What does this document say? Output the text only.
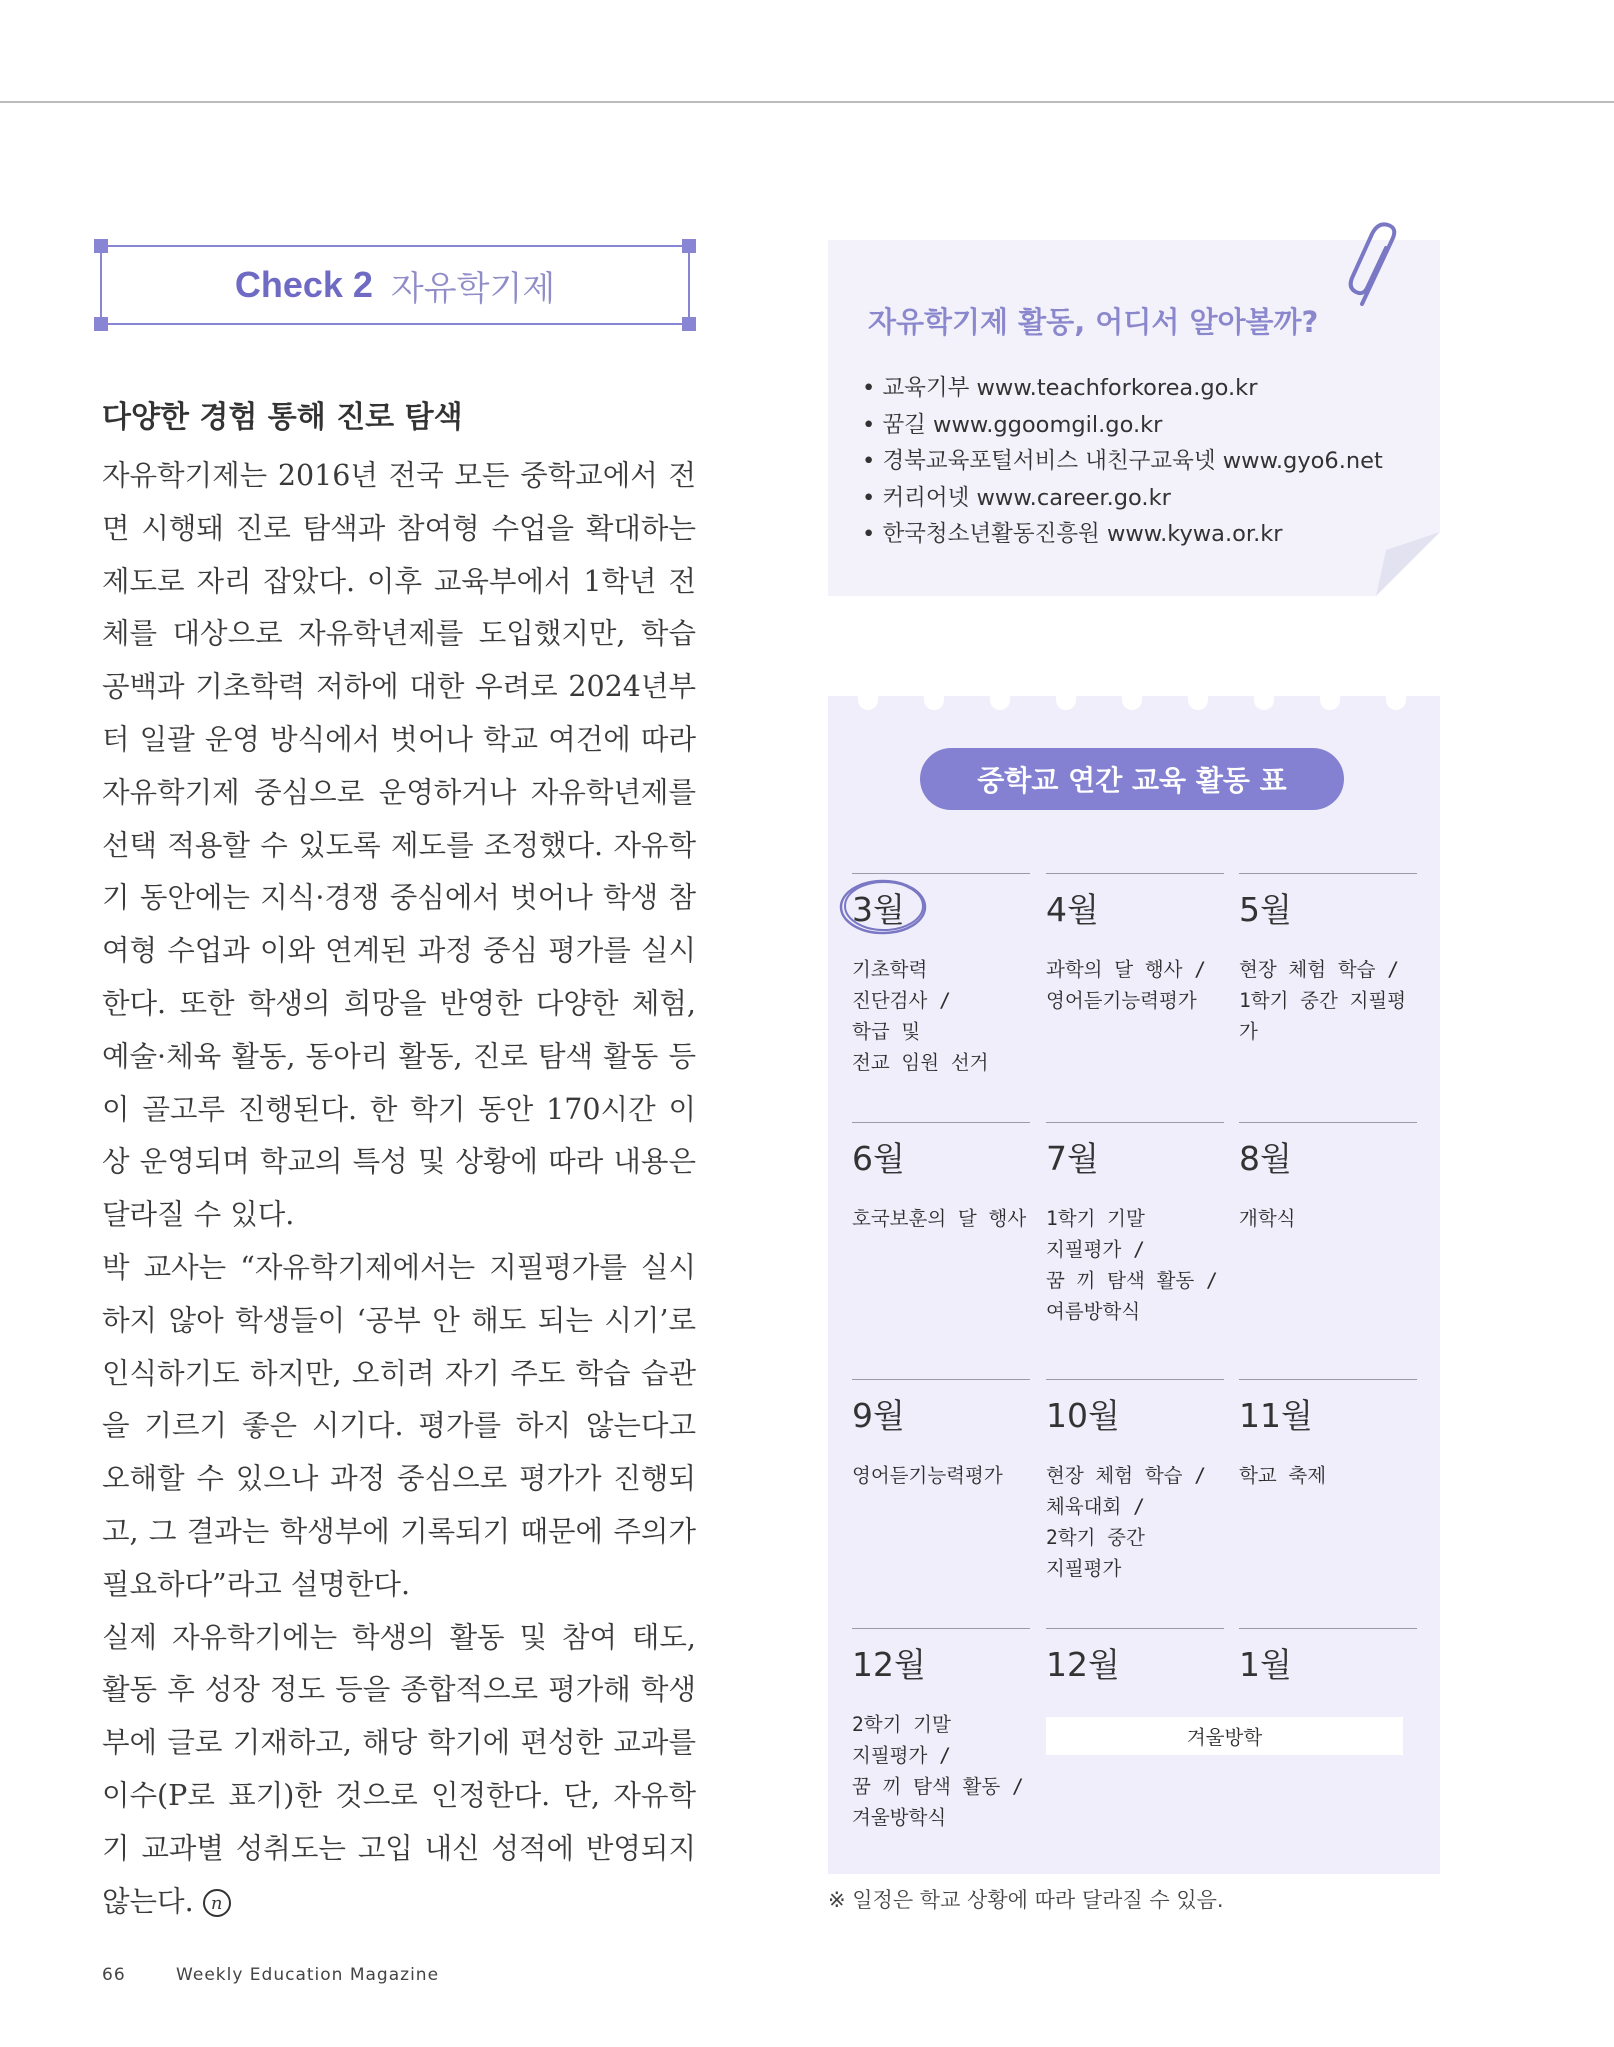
Check 2 자유학기제
다양한 경험 통해 진로 탐색

자유학기제는 2016년 전국 모든 중학교에서 전면 시행돼 진로 탐색과 참여형 수업을 확대하는 제도로 자리 잡았다. 이후 교육부에서 1학년 전체를 대상으로 자유학년제를 도입했지만, 학습 공백과 기초학력 저하에 대한 우려로 2024년부터 일괄 운영 방식에서 벗어나 학교 여건에 따라 자유학기제 중심으로 운영하거나 자유학년제를 선택 적용할 수 있도록 제도를 조정했다. 자유학기 동안에는 지식·경쟁 중심에서 벗어나 학생 참여형 수업과 이와 연계된 과정 중심 평가를 실시한다. 또한 학생의 희망을 반영한 다양한 체험, 예술·체육 활동, 동아리 활동, 진로 탐색 활동 등이 골고루 진행된다. 한 학기 동안 170시간 이상 운영되며 학교의 특성 및 상황에 따라 내용은 달라질 수 있다.

박 교사는 “자유학기제에서는 지필평가를 실시하지 않아 학생들이 ‘공부 안 해도 되는 시기’로 인식하기도 하지만, 오히려 자기 주도 학습 습관을 기르기 좋은 시기다. 평가를 하지 않는다고 오해할 수 있으나 과정 중심으로 평가가 진행되고, 그 결과는 학생부에 기록되기 때문에 주의가 필요하다”라고 설명한다.

실제 자유학기에는 학생의 활동 및 참여 태도, 활동 후 성장 정도 등을 종합적으로 평가해 학생부에 글로 기재하고, 해당 학기에 편성한 교과를 이수(P로 표기)한 것으로 인정한다. 단, 자유학기 교과별 성취도는 고입 내신 성적에 반영되지 않는다. n

66	Weekly Education Magazine
자유학기제 활동, 어디서 알아볼까?
• 교육기부 www.teachforkorea.go.kr
• 꿈길 www.ggoomgil.go.kr
• 경북교육포털서비스 내친구교육넷 www.gyo6.net
• 커리어넷 www.career.go.kr
• 한국청소년활동진흥원 www.kywa.or.kr
중학교 연간 교육 활동 표
3월
기초학력
진단검사 /
학급 및
전교 임원 선거
4월
과학의 달 행사 /
영어듣기능력평가
5월
현장 체험 학습 /
1학기 중간 지필평가
6월
호국보훈의 달 행사
7월
1학기 기말
지필평가 /
꿈 끼 탐색 활동 /
여름방학식
8월
개학식
9월
영어듣기능력평가
10월
현장 체험 학습 /
체육대회 /
2학기 중간
지필평가
11월
학교 축제
12월
2학기 기말
지필평가 /
꿈 끼 탐색 활동 /
겨울방학식
12월	1월
겨울방학
※ 일정은 학교 상황에 따라 달라질 수 있음.
